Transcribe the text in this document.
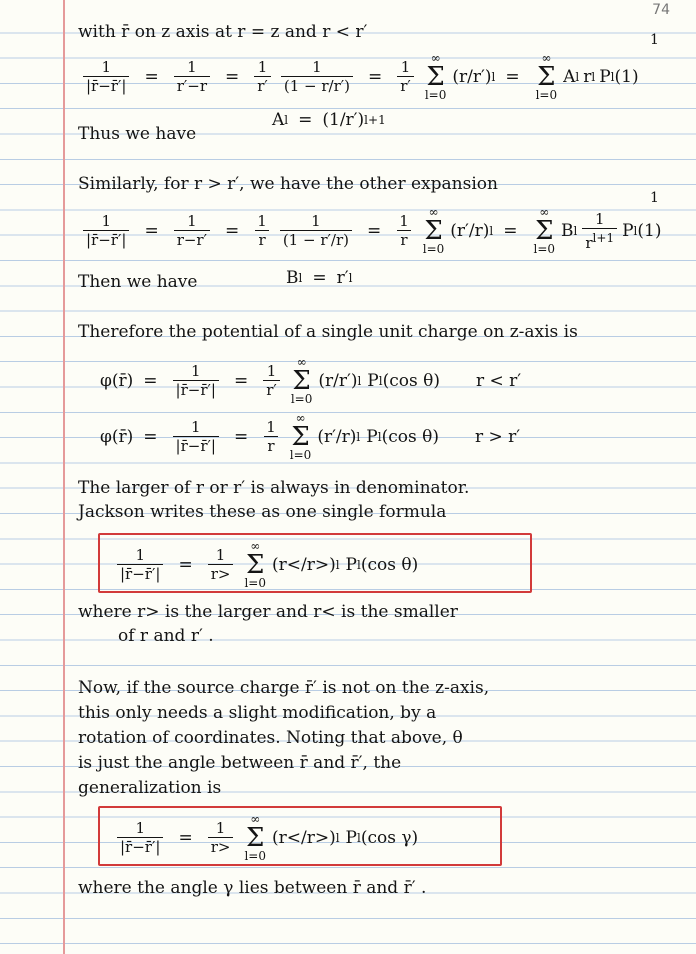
74
with r̄ on z axis at r = z and r < r′
$\frac{1}{|r̄-r̄'|} = \frac{1}{r'-r} = \frac{1}{r'} \frac{1}{(1 - r/r')} = \frac{1}{r'}$
∞
Σ
l=0
(r/r′) l =
∞
Σ
l=0
A l r l P l (1)
1
Thus we have
A l = (1/r′) l+1
Similarly, for r > r′, we have the other expansion
$\frac{1}{|r̄-r̄'|} = \frac{1}{r-r'} = \frac{1}{r} \frac{1}{(1 - r'/r)} = \frac{1}{r}$
∞
Σ
l=0
(r′/r) l =
∞
Σ
l=0
B l $\frac{1}{r^{l+1}}$ P l (1)
1
Then we have	B l = r′ l
Therefore the potential of a single unit charge on z-axis is
φ(r̄) = $\frac{1}{|r̄-r̄'|} = \frac{1}{r'}$
∞
Σ
l=0
(r/r′) l P l (cos θ) r < r′
φ(r̄) = $\frac{1}{|r̄-r̄'|} = \frac{1}{r}$
∞
Σ
l=0
(r′/r) l P l (cos θ) r > r′
The larger of r or r′ is always in denominator.
Jackson writes these as one single formula
$\frac{1}{|r̄-r̄'|} = \frac{1}{r>}$
∞
Σ
l=0
(r</r>) l P l (cos θ)
where r> is the larger and r< is the smaller
of r and r′ .
Now, if the source charge r̄′ is not on the z-axis,
this only needs a slight modification, by a
rotation of coordinates. Noting that above, θ
is just the angle between r̄ and r̄′, the
generalization is
$\frac{1}{|r̄-r̄'|} = \frac{1}{r>}$
∞
Σ
l=0
(r</r>) l P l (cos γ)
where the angle γ lies between r̄ and r̄′ .
